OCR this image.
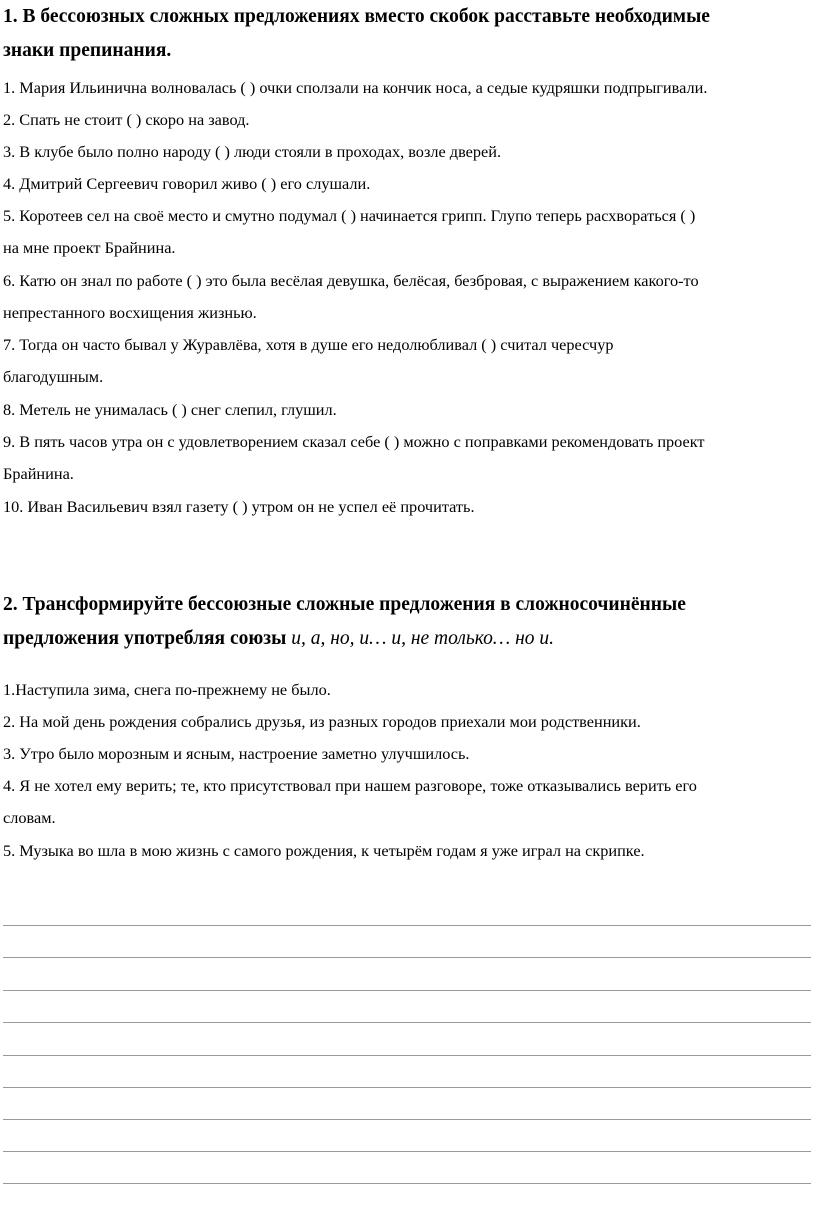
1. В бессоюзных сложных предложениях вместо скобок расставьте необходимые
знаки препинания.
1. Мария Ильинична волновалась ( ) очки сползали на кончик носа, а седые кудряшки подпрыгивали.
2. Спать не стоит ( ) скоро на завод.
3. В клубе было полно народу ( ) люди стояли в проходах, возле дверей.
4. Дмитрий Сергеевич говорил живо ( ) его слушали.
5. Коротеев сел на своё место и смутно подумал ( ) начинается грипп. Глупо теперь расхвораться ( )
на мне проект Брайнина.
6. Катю он знал по работе ( ) это была весёлая девушка, белёсая, безбровая, с выражением какого-то
непрестанного восхищения жизнью.
7. Тогда он часто бывал у Журавлёва, хотя в душе его недолюбливал ( ) считал чересчур
благодушным.
8. Метель не унималась ( ) снег слепил, глушил.
9. В пять часов утра он с удовлетворением сказал себе ( ) можно с поправками рекомендовать проект
Брайнина.
10. Иван Васильевич взял газету ( ) утром он не успел её прочитать.
2. Трансформируйте бессоюзные сложные предложения в сложносочинённые
предложения употребляя союзы и, а, но, и… и, не только… но и.
1.Наступила зима, снега по-прежнему не было.
2. На мой день рождения собрались друзья, из разных городов приехали мои родственники.
3. Утро было морозным и ясным, настроение заметно улучшилось.
4. Я не хотел ему верить; те, кто присутствовал при нашем разговоре, тоже отказывались верить его
словам.
5. Музыка во шла в мою жизнь с самого рождения, к четырём годам я уже играл на скрипке.
